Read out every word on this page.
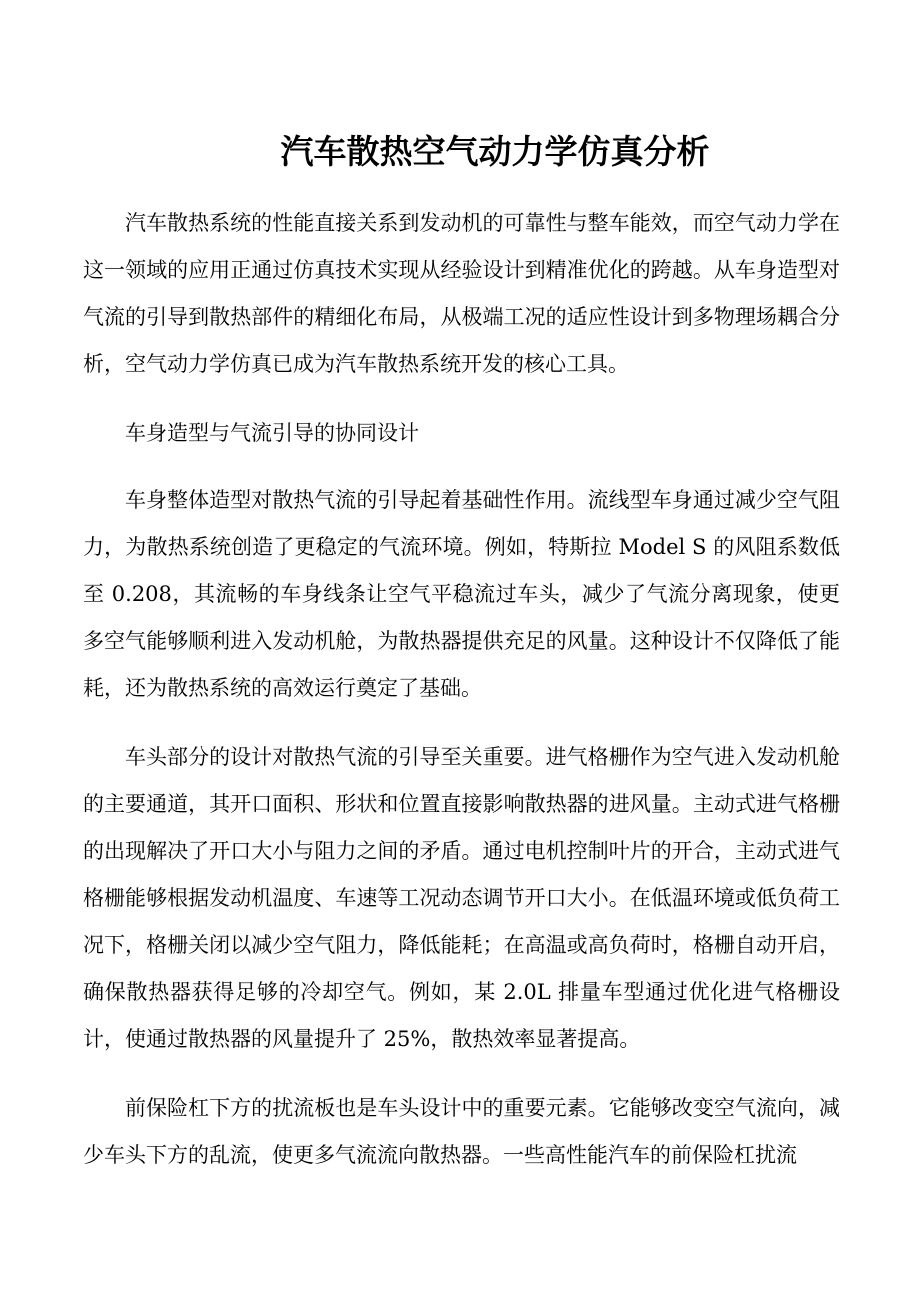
汽车散热空气动力学仿真分析

汽车散热系统的性能直接关系到发动机的可靠性与整车能效，而空气动力学在这一领域的应用正通过仿真技术实现从经验设计到精准优化的跨越。从车身造型对气流的引导到散热部件的精细化布局，从极端工况的适应性设计到多物理场耦合分析，空气动力学仿真已成为汽车散热系统开发的核心工具。

车身造型与气流引导的协同设计

车身整体造型对散热气流的引导起着基础性作用。流线型车身通过减少空气阻力，为散热系统创造了更稳定的气流环境。例如，特斯拉 Model S 的风阻系数低至 0.208，其流畅的车身线条让空气平稳流过车头，减少了气流分离现象，使更多空气能够顺利进入发动机舱，为散热器提供充足的风量。这种设计不仅降低了能耗，还为散热系统的高效运行奠定了基础。

车头部分的设计对散热气流的引导至关重要。进气格栅作为空气进入发动机舱的主要通道，其开口面积、形状和位置直接影响散热器的进风量。主动式进气格栅的出现解决了开口大小与阻力之间的矛盾。通过电机控制叶片的开合，主动式进气格栅能够根据发动机温度、车速等工况动态调节开口大小。在低温环境或低负荷工况下，格栅关闭以减少空气阻力，降低能耗；在高温或高负荷时，格栅自动开启，确保散热器获得足够的冷却空气。例如，某 2.0L 排量车型通过优化进气格栅设计，使通过散热器的风量提升了 25%，散热效率显著提高。

前保险杠下方的扰流板也是车头设计中的重要元素。它能够改变空气流向，减少车头下方的乱流，使更多气流流向散热器。一些高性能汽车的前保险杠扰流
